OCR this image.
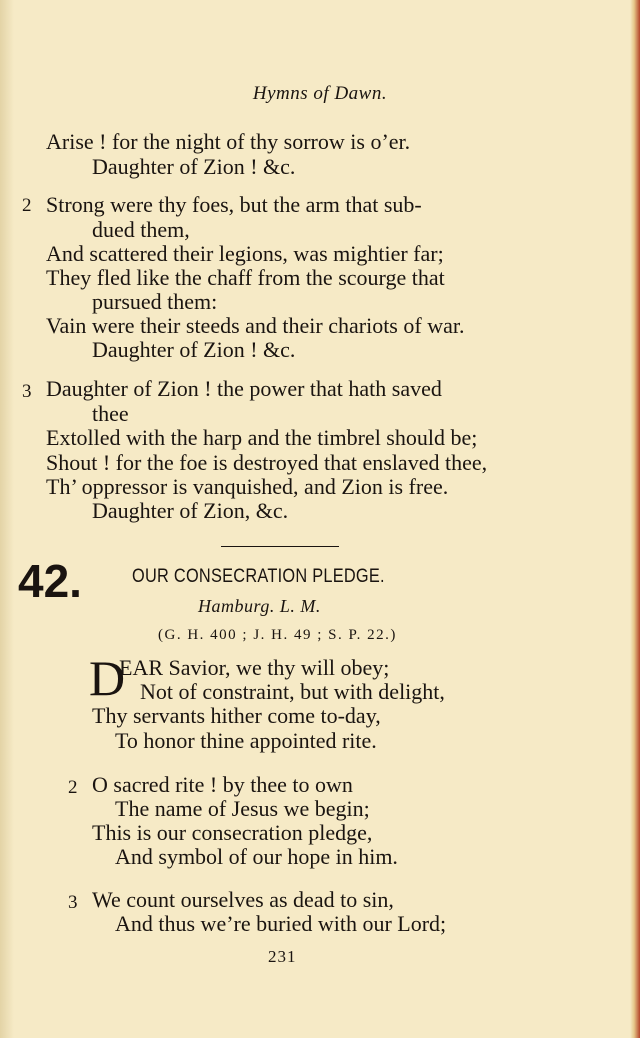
Hymns of Dawn.
Arise ! for the night of thy sorrow is o’er.
Daughter of Zion ! &c.
2 Strong were thy foes, but the arm that sub-
dued them,
And scattered their legions, was mightier far;
They fled like the chaff from the scourge that
pursued them:
Vain were their steeds and their chariots of war.
Daughter of Zion ! &c.
3 Daughter of Zion ! the power that hath saved
thee
Extolled with the harp and the timbrel should be;
Shout ! for the foe is destroyed that enslaved thee,
Th’ oppressor is vanquished, and Zion is free.
Daughter of Zion, &c.
42.	OUR CONSECRATION PLEDGE.
Hamburg. L. M.
(G. H. 400 ; J. H. 49 ; S. P. 22.)
D
EAR Savior, we thy will obey;
Not of constraint, but with delight,
Thy servants hither come to-day,
To honor thine appointed rite.
2 O sacred rite ! by thee to own
The name of Jesus we begin;
This is our consecration pledge,
And symbol of our hope in him.
3 We count ourselves as dead to sin,
And thus we’re buried with our Lord;
231
